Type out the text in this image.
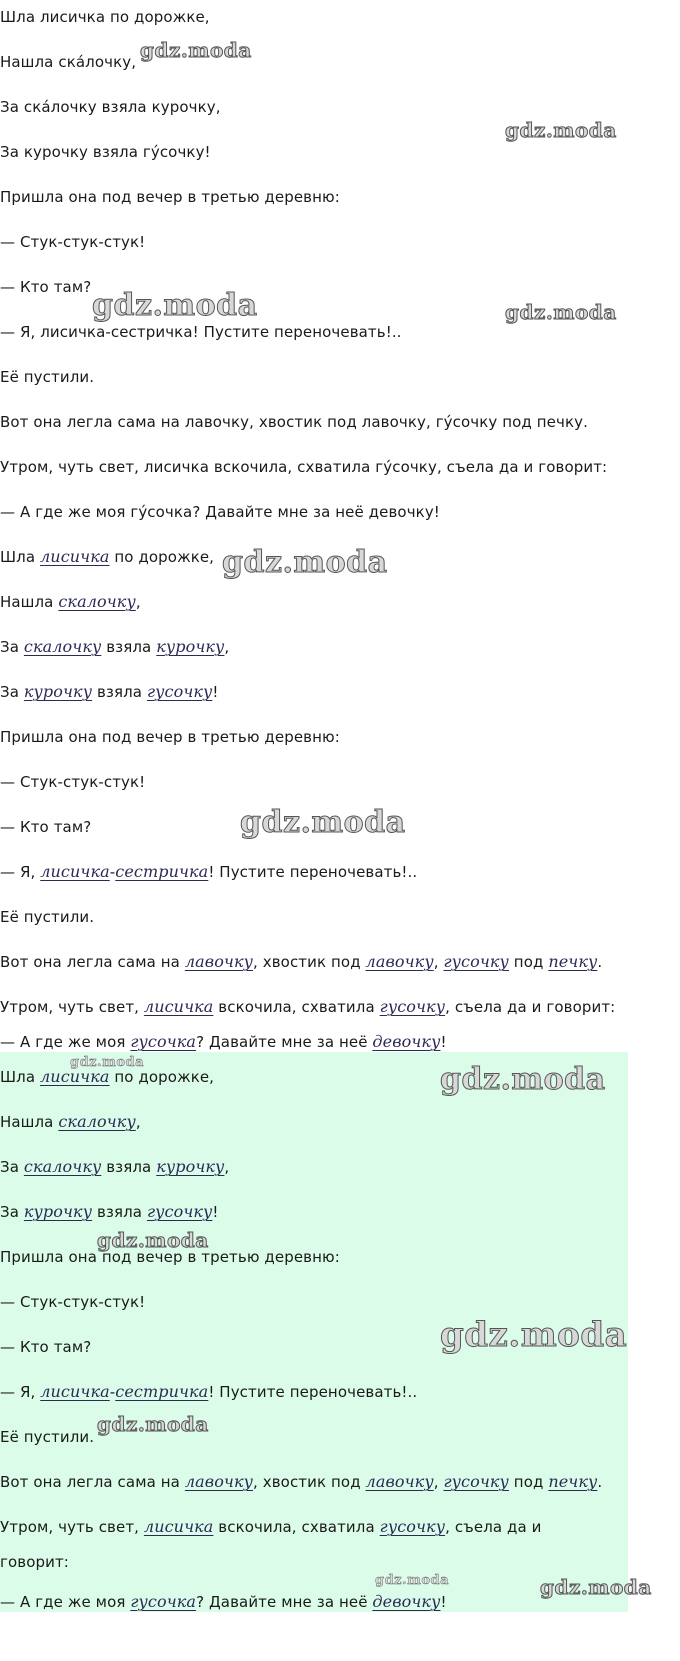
Шла лисичка по дорожке,
Нашла ска́лочку,
За ска́лочку взяла курочку,
За курочку взяла гу́сочку!
Пришла она под вечер в третью деревню:
— Стук-стук-стук!
— Кто там?
— Я, лисичка-сестричка! Пустите переночевать!..
Её пустили.
Вот она легла сама на лавочку, хвостик под лавочку, гу́сочку под печку.
Утром, чуть свет, лисичка вскочила, схватила гу́сочку, съела да и говорит:
— А где же моя гу́сочка? Давайте мне за неё девочку!
Шла лисичка по дорожке,
Нашла скалочку,
За скалочку взяла курочку,
За курочку взяла гусочку!
Пришла она под вечер в третью деревню:
— Стук-стук-стук!
— Кто там?
— Я, лисичка-сестричка! Пустите переночевать!..
Её пустили.
Вот она легла сама на лавочку, хвостик под лавочку, гусочку под печку.
Утром, чуть свет, лисичка вскочила, схватила гусочку, съела да и говорит:
— А где же моя гусочка? Давайте мне за неё девочку!
Шла лисичка по дорожке,
Нашла скалочку,
За скалочку взяла курочку,
За курочку взяла гусочку!
Пришла она под вечер в третью деревню:
— Стук-стук-стук!
— Кто там?
— Я, лисичка-сестричка! Пустите переночевать!..
Её пустили.
Вот она легла сама на лавочку, хвостик под лавочку, гусочку под печку.
Утром, чуть свет, лисичка вскочила, схватила гусочку, съела да и
говорит:
— А где же моя гусочка? Давайте мне за неё девочку!
gdz.moda
gdz.moda
gdz.moda	gdz.moda
gdz.moda
gdz.moda
gdz.moda	gdz.moda
gdz.moda
gdz.moda
gdz.moda
gdz.moda	gdz.moda
